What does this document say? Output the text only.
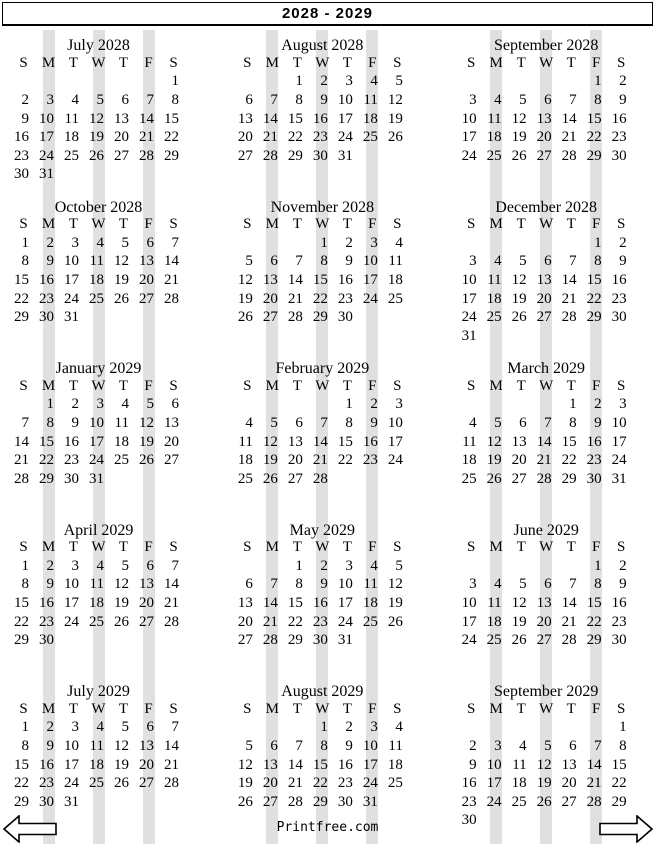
2028 - 2029
July 2028
S	M	T	W	T	F	S
						1
2	3	4	5	6	7	8
9	10	11	12	13	14	15
16	17	18	19	20	21	22
23	24	25	26	27	28	29
30	31					
August 2028
S	M	T	W	T	F	S
		1	2	3	4	5
6	7	8	9	10	11	12
13	14	15	16	17	18	19
20	21	22	23	24	25	26
27	28	29	30	31		
September 2028
S	M	T	W	T	F	S
					1	2
3	4	5	6	7	8	9
10	11	12	13	14	15	16
17	18	19	20	21	22	23
24	25	26	27	28	29	30
October 2028
S	M	T	W	T	F	S
1	2	3	4	5	6	7
8	9	10	11	12	13	14
15	16	17	18	19	20	21
22	23	24	25	26	27	28
29	30	31				
November 2028
S	M	T	W	T	F	S
			1	2	3	4
5	6	7	8	9	10	11
12	13	14	15	16	17	18
19	20	21	22	23	24	25
26	27	28	29	30		
December 2028
S	M	T	W	T	F	S
					1	2
3	4	5	6	7	8	9
10	11	12	13	14	15	16
17	18	19	20	21	22	23
24	25	26	27	28	29	30
31						
January 2029
S	M	T	W	T	F	S
	1	2	3	4	5	6
7	8	9	10	11	12	13
14	15	16	17	18	19	20
21	22	23	24	25	26	27
28	29	30	31			
February 2029
S	M	T	W	T	F	S
				1	2	3
4	5	6	7	8	9	10
11	12	13	14	15	16	17
18	19	20	21	22	23	24
25	26	27	28			
March 2029
S	M	T	W	T	F	S
				1	2	3
4	5	6	7	8	9	10
11	12	13	14	15	16	17
18	19	20	21	22	23	24
25	26	27	28	29	30	31
April 2029
S	M	T	W	T	F	S
1	2	3	4	5	6	7
8	9	10	11	12	13	14
15	16	17	18	19	20	21
22	23	24	25	26	27	28
29	30					
May 2029
S	M	T	W	T	F	S
		1	2	3	4	5
6	7	8	9	10	11	12
13	14	15	16	17	18	19
20	21	22	23	24	25	26
27	28	29	30	31		
June 2029
S	M	T	W	T	F	S
					1	2
3	4	5	6	7	8	9
10	11	12	13	14	15	16
17	18	19	20	21	22	23
24	25	26	27	28	29	30
July 2029
S	M	T	W	T	F	S
1	2	3	4	5	6	7
8	9	10	11	12	13	14
15	16	17	18	19	20	21
22	23	24	25	26	27	28
29	30	31				
August 2029
S	M	T	W	T	F	S
			1	2	3	4
5	6	7	8	9	10	11
12	13	14	15	16	17	18
19	20	21	22	23	24	25
26	27	28	29	30	31	
September 2029
S	M	T	W	T	F	S
						1
2	3	4	5	6	7	8
9	10	11	12	13	14	15
16	17	18	19	20	21	22
23	24	25	26	27	28	29
30						
Printfree.com
